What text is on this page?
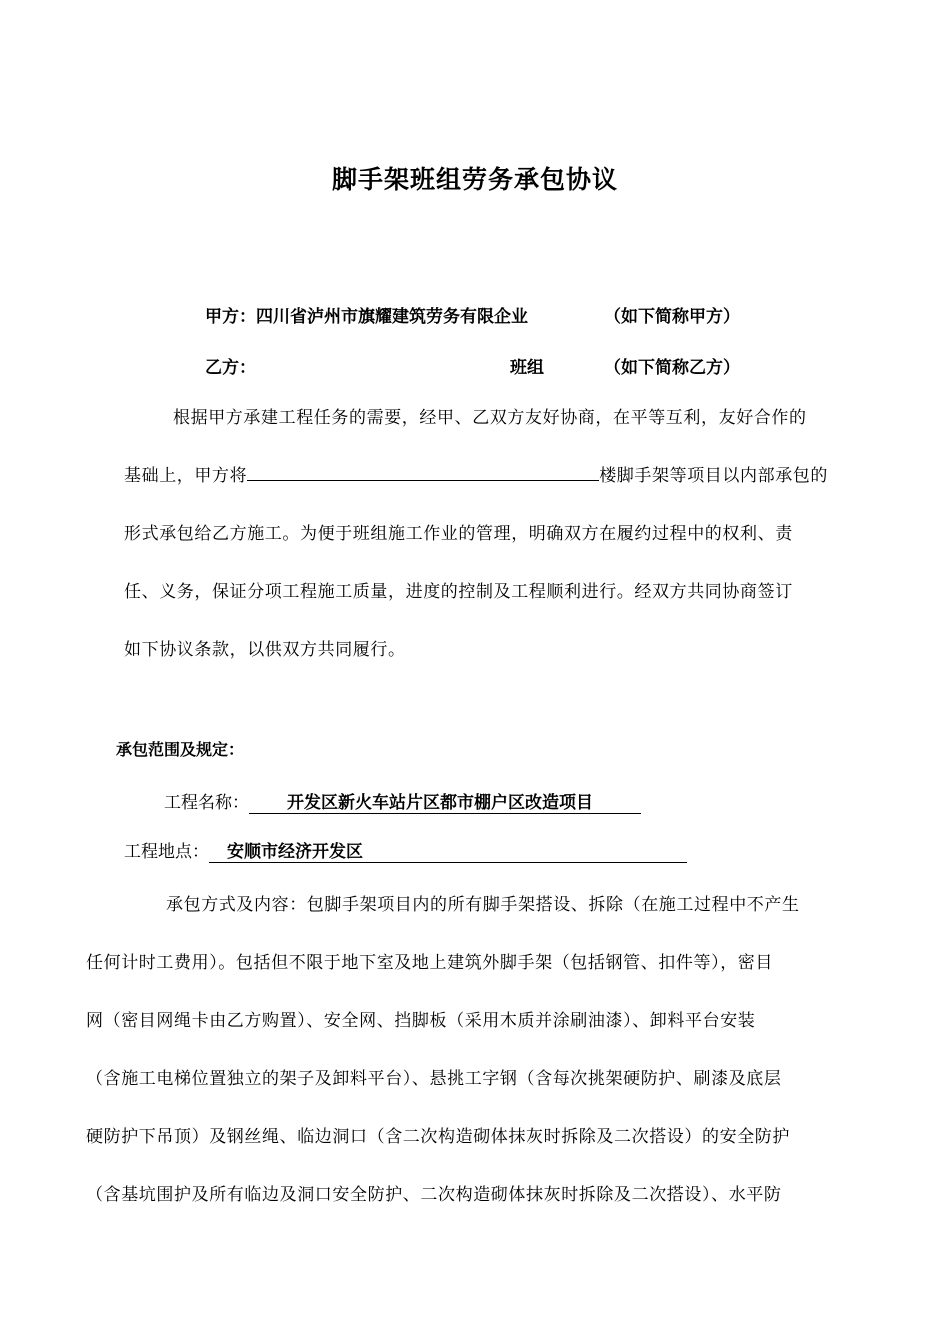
脚手架班组劳务承包协议
甲方：四川省泸州市旗耀建筑劳务有限企业	（如下简称甲方）
乙方：	班组	（如下简称乙方）
根据甲方承建工程任务的需要，经甲、乙双方友好协商，在平等互利，友好合作的
基础上，甲方将	楼脚手架等项目以内部承包的
形式承包给乙方施工。为便于班组施工作业的管理，明确双方在履约过程中的权利、责
任、义务，保证分项工程施工质量，进度的控制及工程顺利进行。经双方共同协商签订
如下协议条款，以供双方共同履行。
承包范围及规定：
工程名称： 开发区新火车站片区都市棚户区改造项目
工程地点： 安顺市经济开发区
承包方式及内容：包脚手架项目内的所有脚手架搭设、拆除（在施工过程中不产生
任何计时工费用）。包括但不限于地下室及地上建筑外脚手架（包括钢管、扣件等），密目
网（密目网绳卡由乙方购置）、安全网、挡脚板（采用木质并涂刷油漆）、卸料平台安装
（含施工电梯位置独立的架子及卸料平台）、悬挑工字钢（含每次挑架硬防护、刷漆及底层
硬防护下吊顶）及钢丝绳、临边洞口（含二次构造砌体抹灰时拆除及二次搭设）的安全防护
（含基坑围护及所有临边及洞口安全防护、二次构造砌体抹灰时拆除及二次搭设）、水平防
